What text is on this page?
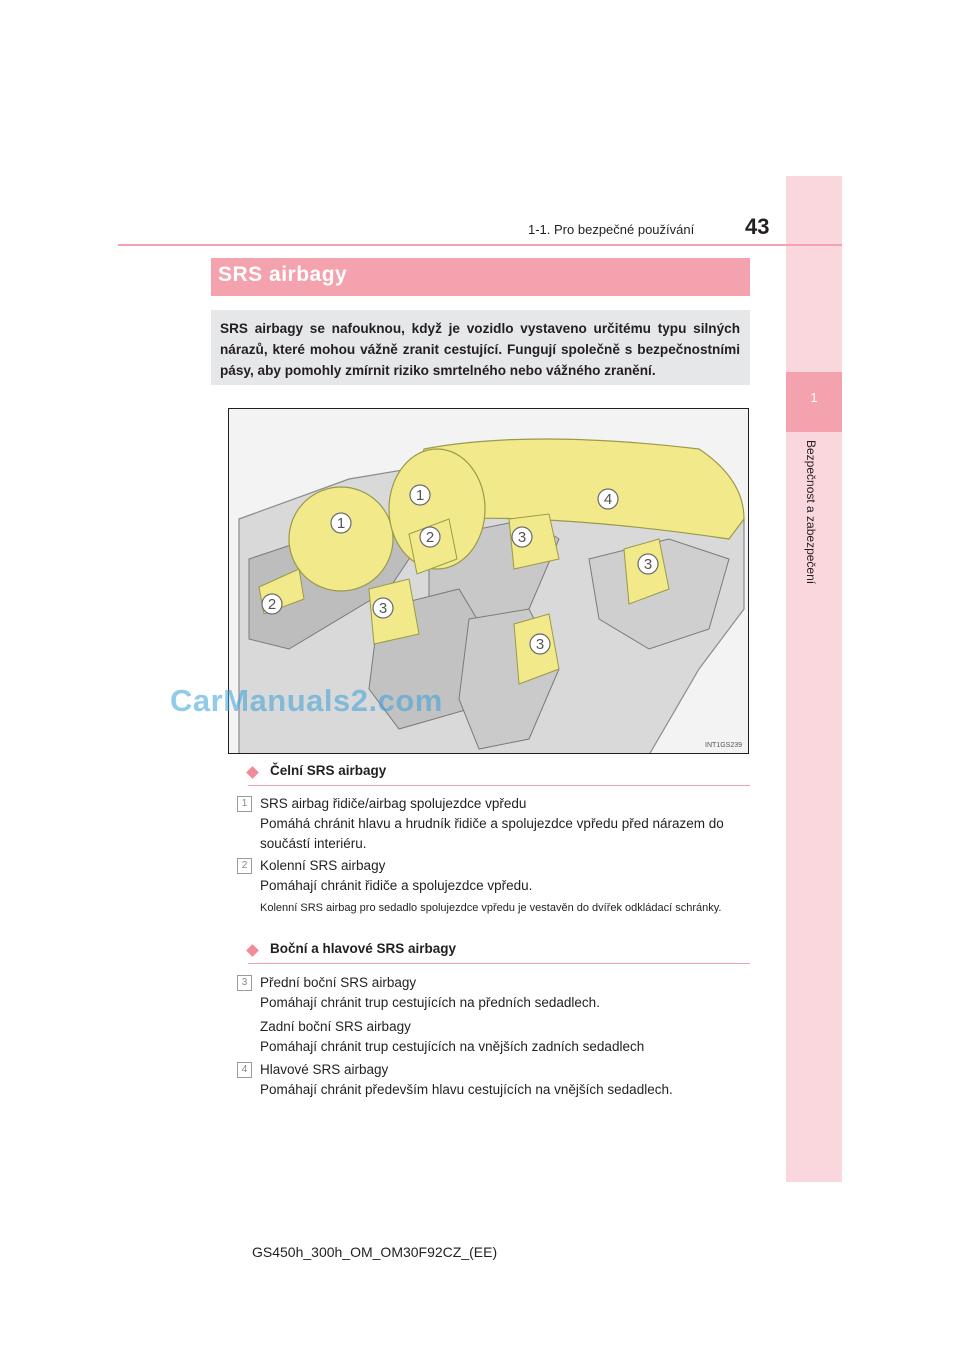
1
Bezpečnost a zabezpečení
1-1. Pro bezpečné používání 43
SRS airbagy
SRS airbagy se nafouknou, když je vozidlo vystaveno určitému typu silných nárazů, které mohou vážně zranit cestující. Fungují společně s bezpečnostními pásy, aby pomohly zmírnit riziko smrtelného nebo vážného zranění.
1
1
2
2
3
3
3
3
4
INT1GS239
CarManuals2.com
Čelní SRS airbagy
1 SRS airbag řidiče/airbag spolujezdce vpředu
Pomáhá chránit hlavu a hrudník řidiče a spolujezdce vpředu před nárazem do součástí interiéru.
2 Kolenní SRS airbagy
Pomáhají chránit řidiče a spolujezdce vpředu.
Kolenní SRS airbag pro sedadlo spolujezdce vpředu je vestavěn do dvířek odkládací schránky.
Boční a hlavové SRS airbagy
3 Přední boční SRS airbagy
Pomáhají chránit trup cestujících na předních sedadlech.
Zadní boční SRS airbagy
Pomáhají chránit trup cestujících na vnějších zadních sedadlech
4 Hlavové SRS airbagy
Pomáhají chránit především hlavu cestujících na vnějších sedadlech.
GS450h_300h_OM_OM30F92CZ_(EE)
